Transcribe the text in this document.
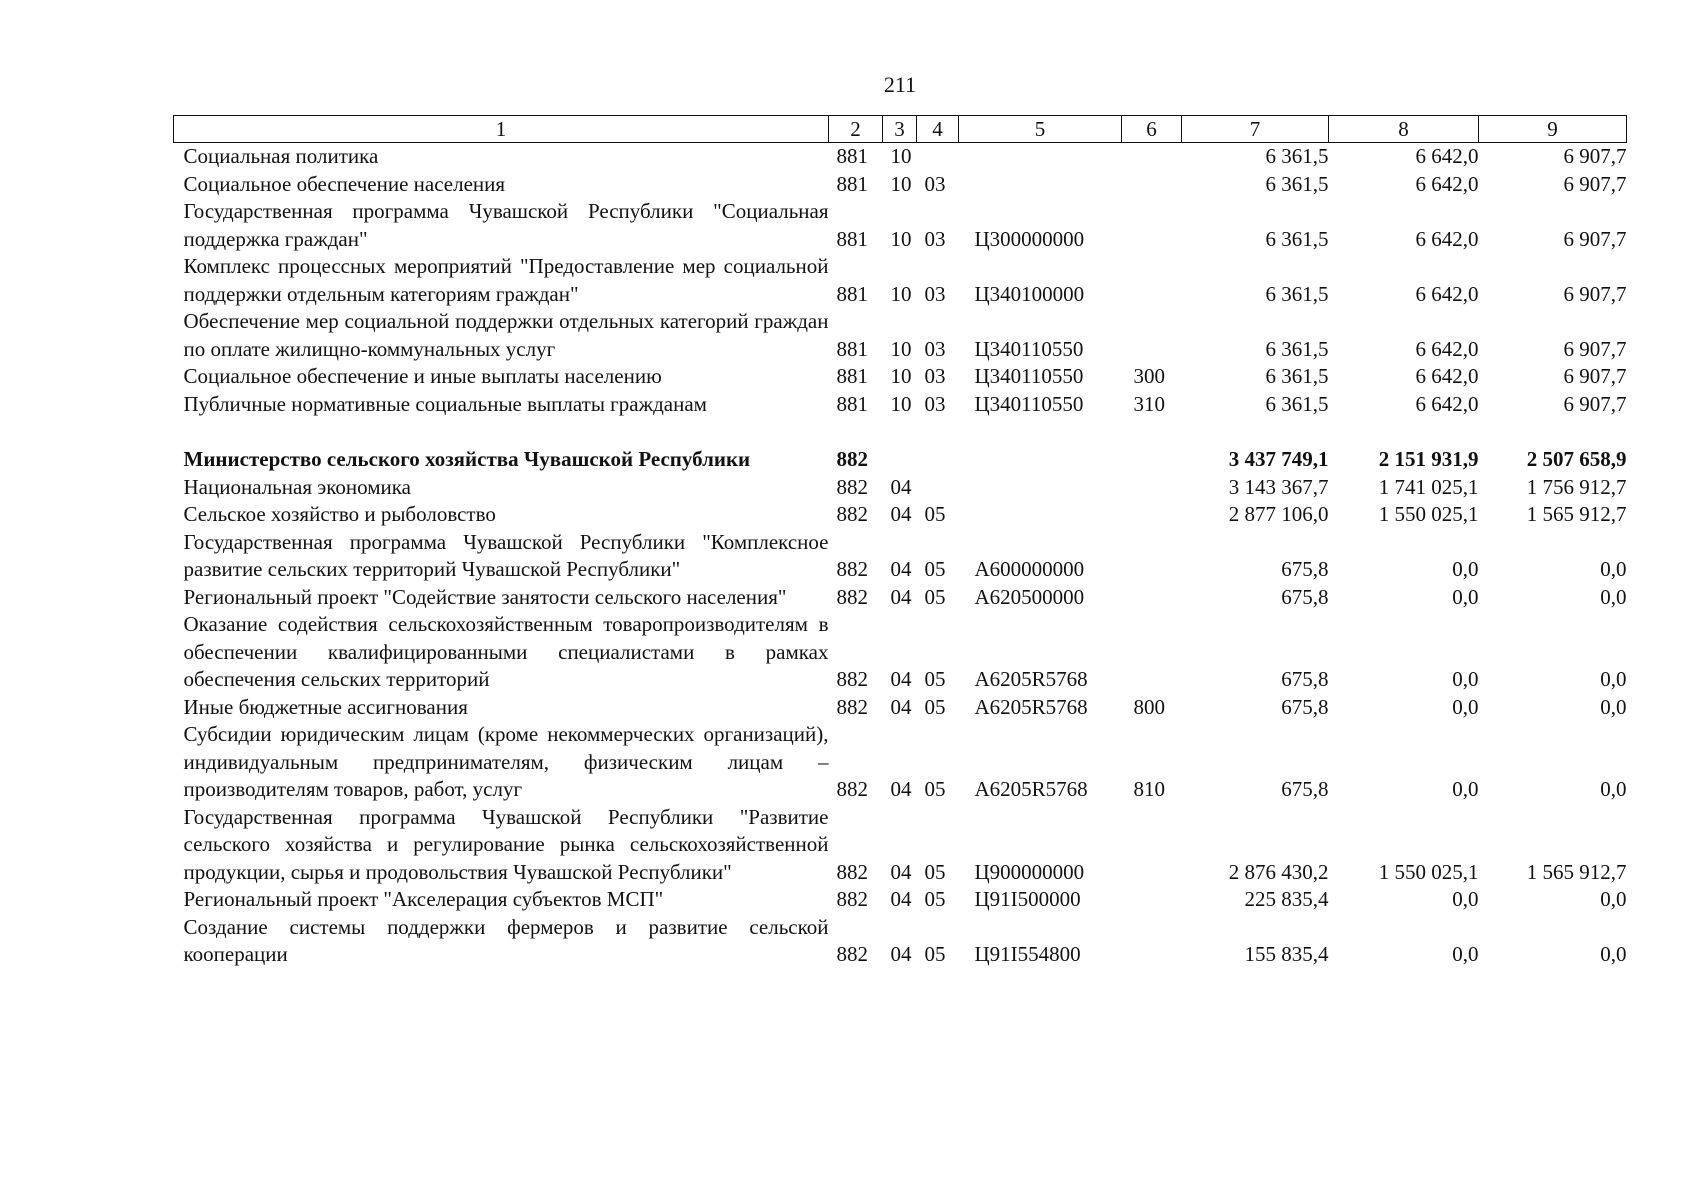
211
1	2	3	4	5	6	7	8	9
Социальная политика	881	10				6 361,5	6 642,0	6 907,7
Социальное обеспечение населения	881	10	03			6 361,5	6 642,0	6 907,7
Государственная программа Чувашской Республики "Социальная поддержка граждан"	881	10	03	Ц300000000		6 361,5	6 642,0	6 907,7
Комплекс процессных мероприятий "Предоставление мер социальной поддержки отдельным категориям граждан"	881	10	03	Ц340100000		6 361,5	6 642,0	6 907,7
Обеспечение мер социальной поддержки отдельных категорий граждан по оплате жилищно-коммунальных услуг	881	10	03	Ц340110550		6 361,5	6 642,0	6 907,7
Социальное обеспечение и иные выплаты населению	881	10	03	Ц340110550	300	6 361,5	6 642,0	6 907,7
Публичные нормативные социальные выплаты гражданам	881	10	03	Ц340110550	310	6 361,5	6 642,0	6 907,7

Министерство сельского хозяйства Чувашской Республики	882					3 437 749,1	2 151 931,9	2 507 658,9
Национальная экономика	882	04				3 143 367,7	1 741 025,1	1 756 912,7
Сельское хозяйство и рыболовство	882	04	05			2 877 106,0	1 550 025,1	1 565 912,7
Государственная программа Чувашской Республики "Комплексное развитие сельских территорий Чувашской Республики"	882	04	05	А600000000		675,8	0,0	0,0
Региональный проект "Содействие занятости сельского населения"	882	04	05	А620500000		675,8	0,0	0,0
Оказание содействия сельскохозяйственным товаропроизводителям в обеспечении квалифицированными специалистами в рамках обеспечения сельских территорий	882	04	05	А6205R5768		675,8	0,0	0,0
Иные бюджетные ассигнования	882	04	05	А6205R5768	800	675,8	0,0	0,0
Субсидии юридическим лицам (кроме некоммерческих организаций), индивидуальным предпринимателям, физическим лицам – производителям товаров, работ, услуг	882	04	05	А6205R5768	810	675,8	0,0	0,0
Государственная программа Чувашской Республики "Развитие сельского хозяйства и регулирование рынка сельскохозяйственной продукции, сырья и продовольствия Чувашской Республики"	882	04	05	Ц900000000		2 876 430,2	1 550 025,1	1 565 912,7
Региональный проект "Акселерация субъектов МСП"	882	04	05	Ц91I500000		225 835,4	0,0	0,0
Создание системы поддержки фермеров и развитие сельской кооперации	882	04	05	Ц91I554800		155 835,4	0,0	0,0
